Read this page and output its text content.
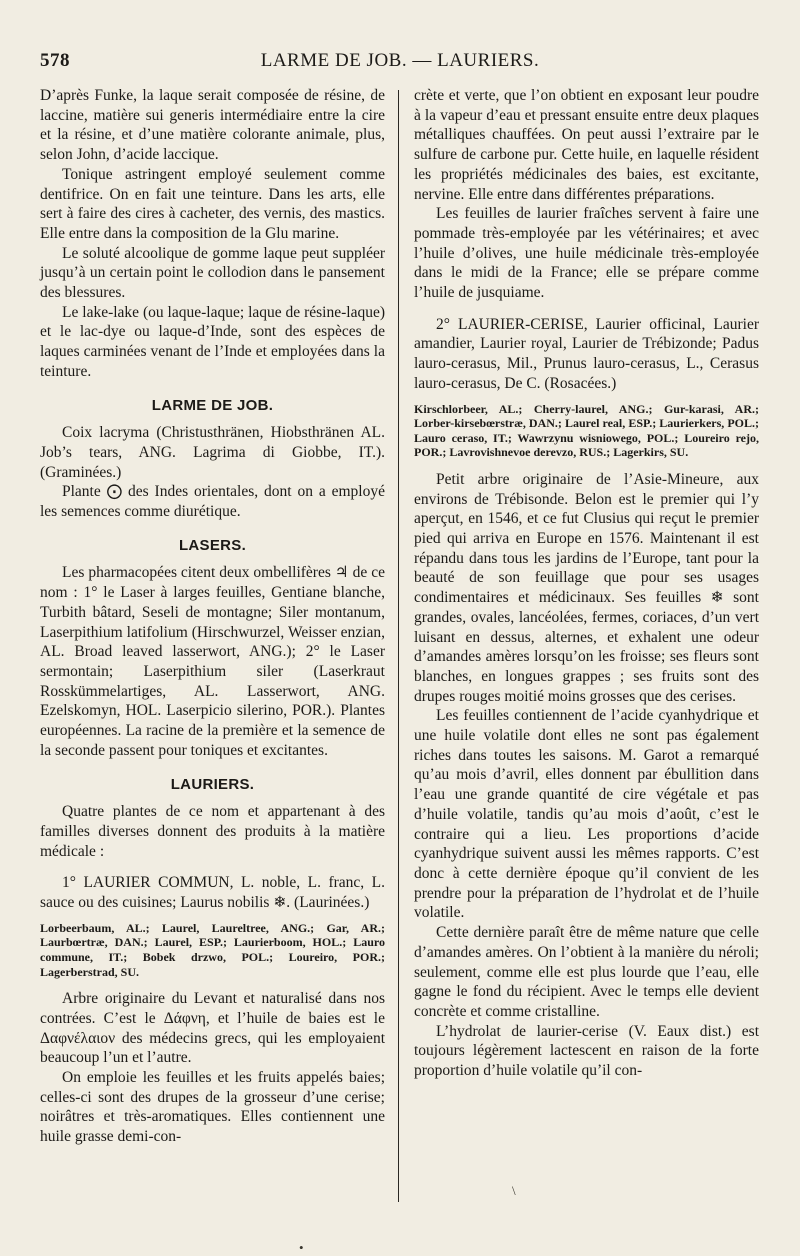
578	LARME DE JOB. — LAURIERS.

D’après Funke, la laque serait composée de résine, de laccine, matière sui generis intermédiaire entre la cire et la résine, et d’une matière colorante animale, plus, selon John, d’acide laccique.

Tonique astringent employé seulement comme dentifrice. On en fait une teinture. Dans les arts, elle sert à faire des cires à cacheter, des vernis, des mastics. Elle entre dans la composition de la Glu marine.

Le soluté alcoolique de gomme laque peut suppléer jusqu’à un certain point le collodion dans le pansement des blessures.

Le lake-lake (ou laque-laque; laque de résine-laque) et le lac-dye ou laque-d’Inde, sont des espèces de laques carminées venant de l’Inde et employées dans la teinture.

LARME DE JOB.

Coix lacryma (Christusthränen, Hiobsthränen AL. Job’s tears, ANG. Lagrima di Giobbe, IT.). (Graminées.)

Plante ⨀ des Indes orientales, dont on a employé les semences comme diurétique.

LASERS.

Les pharmacopées citent deux ombellifères ♃ de ce nom : 1° le Laser à larges feuilles, Gentiane blanche, Turbith bâtard, Seseli de montagne; Siler montanum, Laserpithium latifolium (Hirschwurzel, Weisser enzian, AL. Broad leaved lasserwort, ANG.); 2° le Laser sermontain; Laserpithium siler (Laserkraut Rosskümmelartiges, AL. Lasserwort, ANG. Ezelskomyn, HOL. Laserpicio silerino, POR.). Plantes européennes. La racine de la première et la semence de la seconde passent pour toniques et excitantes.

LAURIERS.

Quatre plantes de ce nom et appartenant à des familles diverses donnent des produits à la matière médicale :

1° LAURIER COMMUN, L. noble, L. franc, L. sauce ou des cuisines; Laurus nobilis ❄. (Laurinées.)

Lorbeerbaum, AL.; Laurel, Laureltree, ANG.; Gar, AR.; Laurbœrtræ, DAN.; Laurel, ESP.; Laurierboom, HOL.; Lauro commune, IT.; Bobek drzwo, POL.; Loureiro, POR.; Lagerberstrad, SU.

Arbre originaire du Levant et naturalisé dans nos contrées. C’est le Δάφνη, et l’huile de baies est le Δαφνέλαιον des médecins grecs, qui les employaient beaucoup l’un et l’autre.

On emploie les feuilles et les fruits appelés baies; celles-ci sont des drupes de la grosseur d’une cerise; noirâtres et très-aromatiques. Elles contiennent une huile grasse demi-con-

crète et verte, que l’on obtient en exposant leur poudre à la vapeur d’eau et pressant ensuite entre deux plaques métalliques chauffées. On peut aussi l’extraire par le sulfure de carbone pur. Cette huile, en laquelle résident les propriétés médicinales des baies, est excitante, nervine. Elle entre dans différentes préparations.

Les feuilles de laurier fraîches servent à faire une pommade très-employée par les vétérinaires; et avec l’huile d’olives, une huile médicinale très-employée dans le midi de la France; elle se prépare comme l’huile de jusquiame.

2° LAURIER-CERISE, Laurier officinal, Laurier amandier, Laurier royal, Laurier de Trébizonde; Padus lauro-cerasus, Mil., Prunus lauro-cerasus, L., Cerasus lauro-cerasus, De C. (Rosacées.)

Kirschlorbeer, AL.; Cherry-laurel, ANG.; Gur-karasi, AR.; Lorber-kirsebœrstræ, DAN.; Laurel real, ESP.; Laurierkers, POL.; Lauro ceraso, IT.; Wawrzynu wisniowego, POL.; Loureiro rejo, POR.; Lavrovishnevoe derevzo, RUS.; Lagerkirs, SU.

Petit arbre originaire de l’Asie-Mineure, aux environs de Trébisonde. Belon est le premier qui l’y aperçut, en 1546, et ce fut Clusius qui reçut le premier pied qui arriva en Europe en 1576. Maintenant il est répandu dans tous les jardins de l’Europe, tant pour la beauté de son feuillage que pour ses usages condimentaires et médicinaux. Ses feuilles ❄ sont grandes, ovales, lancéolées, fermes, coriaces, d’un vert luisant en dessus, alternes, et exhalent une odeur d’amandes amères lorsqu’on les froisse; ses fleurs sont blanches, en longues grappes ; ses fruits sont des drupes rouges moitié moins grosses que des cerises.

Les feuilles contiennent de l’acide cyanhydrique et une huile volatile dont elles ne sont pas également riches dans toutes les saisons. M. Garot a remarqué qu’au mois d’avril, elles donnent par ébullition dans l’eau une grande quantité de cire végétale et pas d’huile volatile, tandis qu’au mois d’août, c’est le contraire qui a lieu. Les proportions d’acide cyanhydrique suivent aussi les mêmes rapports. C’est donc à cette dernière époque qu’il convient de les prendre pour la préparation de l’hydrolat et de l’huile volatile.

Cette dernière paraît être de même nature que celle d’amandes amères. On l’obtient à la manière du néroli; seulement, comme elle est plus lourde que l’eau, elle gagne le fond du récipient. Avec le temps elle devient concrète et comme cristalline.

L’hydrolat de laurier-cerise (V. Eaux dist.) est toujours légèrement lactescent en raison de la forte proportion d’huile volatile qu’il con-

\
•
